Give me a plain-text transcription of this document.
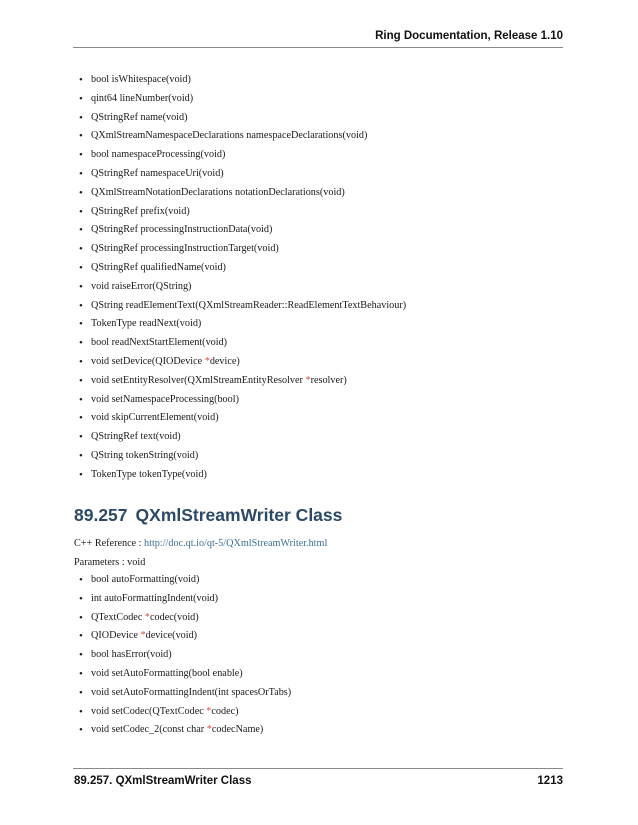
Ring Documentation, Release 1.10
• bool isWhitespace(void)
• qint64 lineNumber(void)
• QStringRef name(void)
• QXmlStreamNamespaceDeclarations namespaceDeclarations(void)
• bool namespaceProcessing(void)
• QStringRef namespaceUri(void)
• QXmlStreamNotationDeclarations notationDeclarations(void)
• QStringRef prefix(void)
• QStringRef processingInstructionData(void)
• QStringRef processingInstructionTarget(void)
• QStringRef qualifiedName(void)
• void raiseError(QString)
• QString readElementText(QXmlStreamReader::ReadElementTextBehaviour)
• TokenType readNext(void)
• bool readNextStartElement(void)
• void setDevice(QIODevice *device)
• void setEntityResolver(QXmlStreamEntityResolver *resolver)
• void setNamespaceProcessing(bool)
• void skipCurrentElement(void)
• QStringRef text(void)
• QString tokenString(void)
• TokenType tokenType(void)
89.257 QXmlStreamWriter Class
C++ Reference : http://doc.qt.io/qt-5/QXmlStreamWriter.html
Parameters : void
• bool autoFormatting(void)
• int autoFormattingIndent(void)
• QTextCodec *codec(void)
• QIODevice *device(void)
• bool hasError(void)
• void setAutoFormatting(bool enable)
• void setAutoFormattingIndent(int spacesOrTabs)
• void setCodec(QTextCodec *codec)
• void setCodec_2(const char *codecName)
89.257. QXmlStreamWriter Class	1213
